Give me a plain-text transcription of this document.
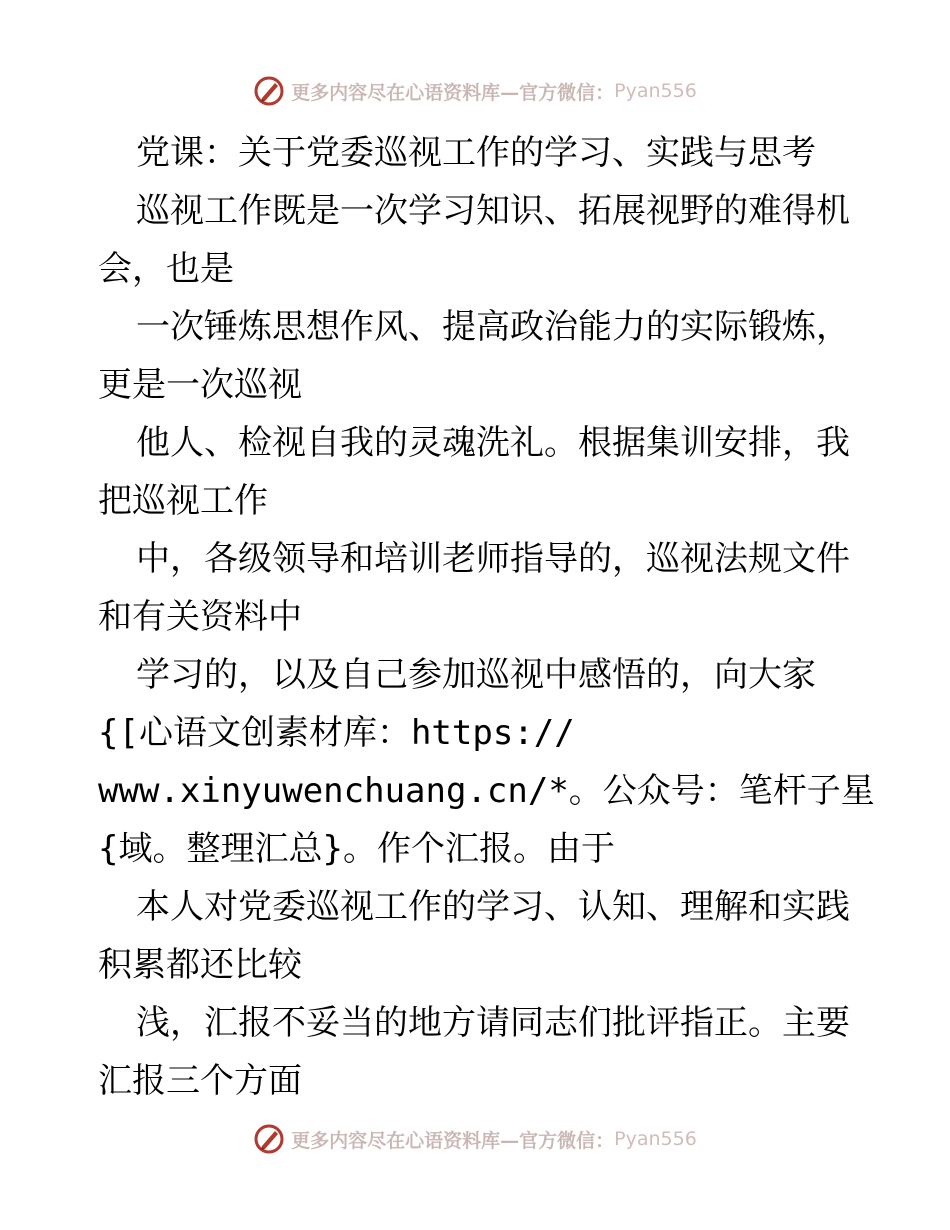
更多内容尽在心语资料库—官方微信： Pyan556
党课：关于党委巡视工作的学习、实践与思考
巡视工作既是一次学习知识、拓展视野的难得机
会，也是
一次锤炼思想作风、提高政治能力的实际锻炼，
更是一次巡视
他人、检视自我的灵魂洗礼。根据集训安排，我
把巡视工作
中，各级领导和培训老师指导的，巡视法规文件
和有关资料中
学习的，以及自己参加巡视中感悟的，向大家
{[心语文创素材库：https://
www.xinyuwenchuang.cn/*。公众号：笔杆子星
{域。整理汇总}。作个汇报。由于
本人对党委巡视工作的学习、认知、理解和实践
积累都还比较
浅，汇报不妥当的地方请同志们批评指正。主要
汇报三个方面
更多内容尽在心语资料库—官方微信： Pyan556
